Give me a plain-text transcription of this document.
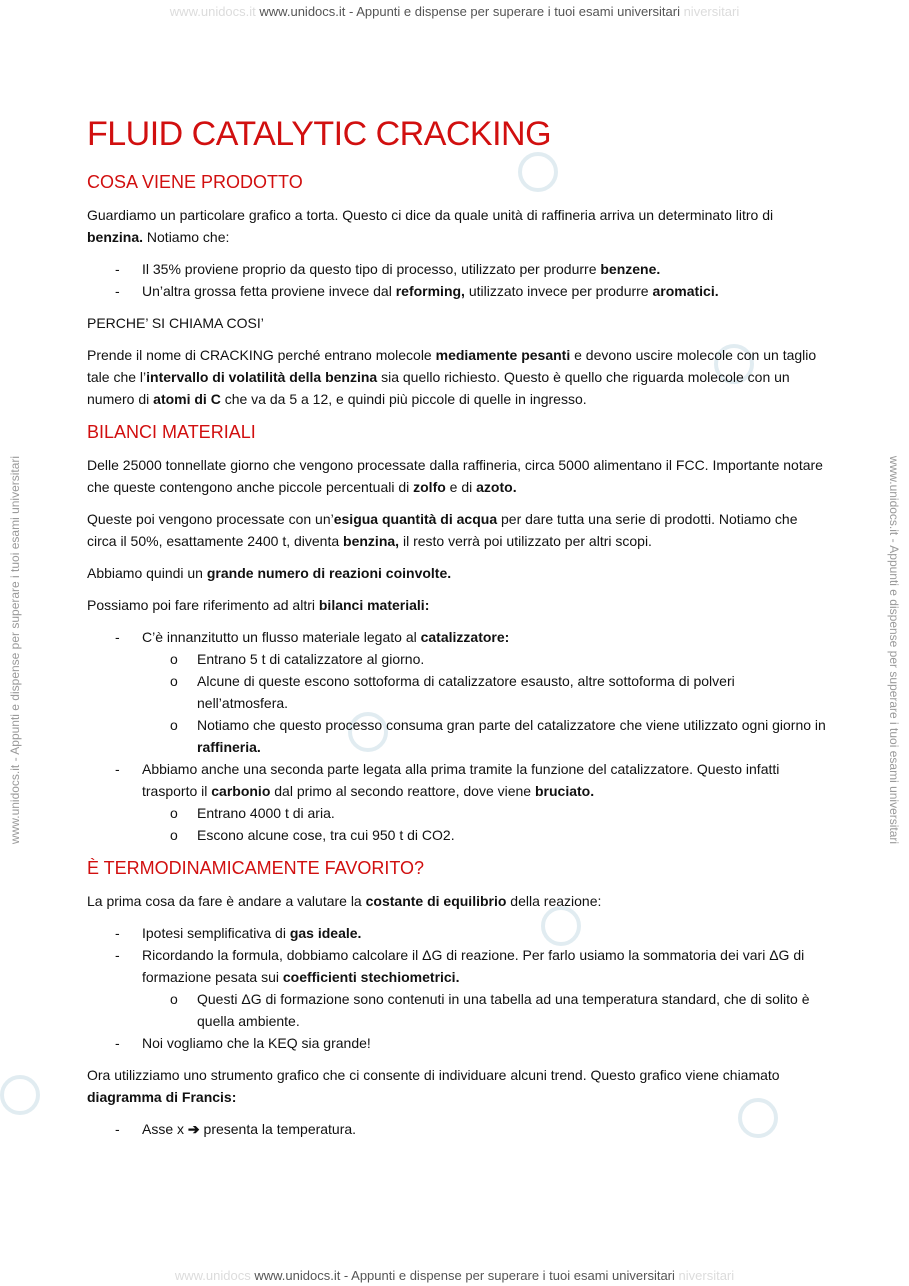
www.unidocs.it www.unidocs.it - Appunti e dispense per superare i tuoi esami universitari niversitari
www.unidocs.it - Appunti e dispense per superare i tuoi esami universitari	www.unidocs.it - Appunti e dispense per superare i tuoi esami universitari
FLUID CATALYTIC CRACKING
COSA VIENE PRODOTTO

Guardiamo un particolare grafico a torta. Questo ci dice da quale unità di raffineria arriva un determinato litro di benzina. Notiamo che:

- Il 35% proviene proprio da questo tipo di processo, utilizzato per produrre benzene.
- Un’altra grossa fetta proviene invece dal reforming, utilizzato invece per produrre aromatici.

PERCHE’ SI CHIAMA COSI’

Prende il nome di CRACKING perché entrano molecole mediamente pesanti e devono uscire molecole con un taglio tale che l’intervallo di volatilità della benzina sia quello richiesto. Questo è quello che riguarda molecole con un numero di atomi di C che va da 5 a 12, e quindi più piccole di quelle in ingresso.

BILANCI MATERIALI

Delle 25000 tonnellate giorno che vengono processate dalla raffineria, circa 5000 alimentano il FCC. Importante notare che queste contengono anche piccole percentuali di zolfo e di azoto.

Queste poi vengono processate con un’esigua quantità di acqua per dare tutta una serie di prodotti. Notiamo che circa il 50%, esattamente 2400 t, diventa benzina, il resto verrà poi utilizzato per altri scopi.

Abbiamo quindi un grande numero di reazioni coinvolte.

Possiamo poi fare riferimento ad altri bilanci materiali:

- C’è innanzitutto un flusso materiale legato al catalizzatore:
o Entrano 5 t di catalizzatore al giorno.
o Alcune di queste escono sottoforma di catalizzatore esausto, altre sottoforma di polveri nell’atmosfera.
o Notiamo che questo processo consuma gran parte del catalizzatore che viene utilizzato ogni giorno in raffineria.
- Abbiamo anche una seconda parte legata alla prima tramite la funzione del catalizzatore. Questo infatti trasporto il carbonio dal primo al secondo reattore, dove viene bruciato.
o Entrano 4000 t di aria.
o Escono alcune cose, tra cui 950 t di CO2.
È TERMODINAMICAMENTE FAVORITO?

La prima cosa da fare è andare a valutare la costante di equilibrio della reazione:

- Ipotesi semplificativa di gas ideale.
- Ricordando la formula, dobbiamo calcolare il ΔG di reazione. Per farlo usiamo la sommatoria dei vari ΔG di formazione pesata sui coefficienti stechiometrici.
o Questi ΔG di formazione sono contenuti in una tabella ad una temperatura standard, che di solito è quella ambiente.
- Noi vogliamo che la KEQ sia grande!

Ora utilizziamo uno strumento grafico che ci consente di individuare alcuni trend. Questo grafico viene chiamato diagramma di Francis:

- Asse x ➔ presenta la temperatura.
www.unidocs www.unidocs.it - Appunti e dispense per superare i tuoi esami universitari niversitari
